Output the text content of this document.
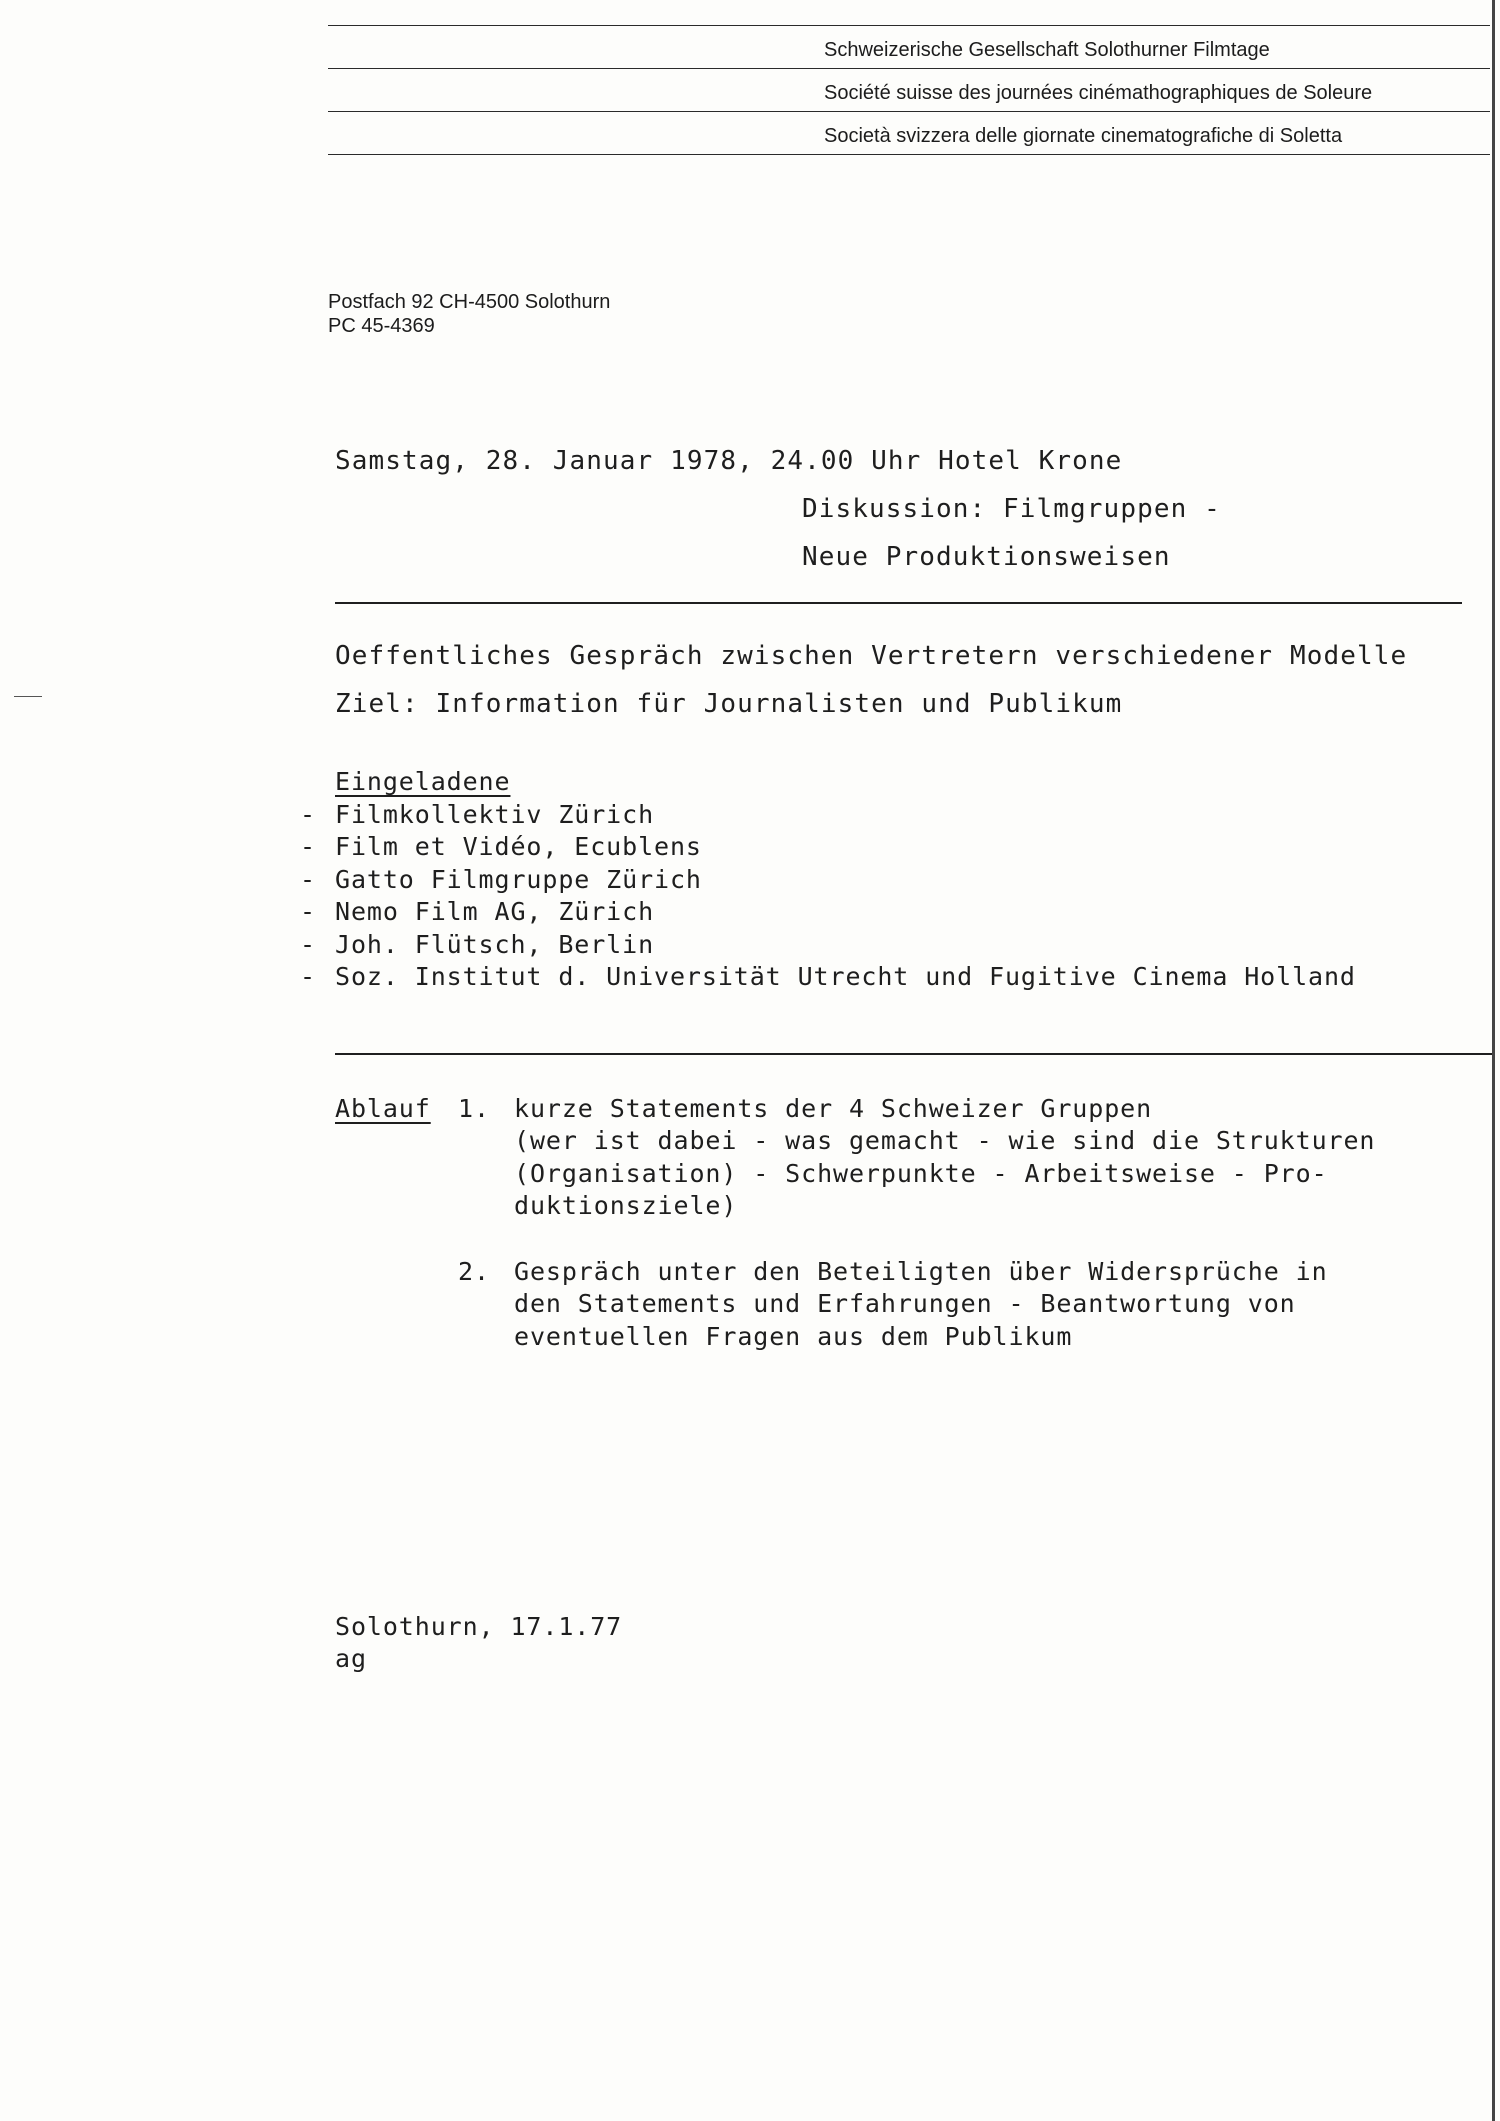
Schweizerische Gesellschaft Solothurner Filmtage
Société suisse des journées cinémathographiques de Soleure
Società svizzera delle giornate cinematografiche di Soletta
Postfach 92 CH-4500 Solothurn
PC 45-4369
Samstag, 28. Januar 1978, 24.00 Uhr Hotel Krone
Diskussion: Filmgruppen -
Neue Produktionsweisen
Oeffentliches Gespräch zwischen Vertretern verschiedener Modelle
Ziel: Information für Journalisten und Publikum
Eingeladene
- Filmkollektiv Zürich
- Film et Vidéo, Ecublens
- Gatto Filmgruppe Zürich
- Nemo Film AG, Zürich
- Joh. Flütsch, Berlin
- Soz. Institut d. Universität Utrecht und Fugitive Cinema Holland
Ablauf 1. kurze Statements der 4 Schweizer Gruppen
(wer ist dabei - was gemacht - wie sind die Strukturen
(Organisation) - Schwerpunkte - Arbeitsweise - Pro-
duktionsziele)
2. Gespräch unter den Beteiligten über Widersprüche in
den Statements und Erfahrungen - Beantwortung von
eventuellen Fragen aus dem Publikum
Solothurn, 17.1.77
ag
